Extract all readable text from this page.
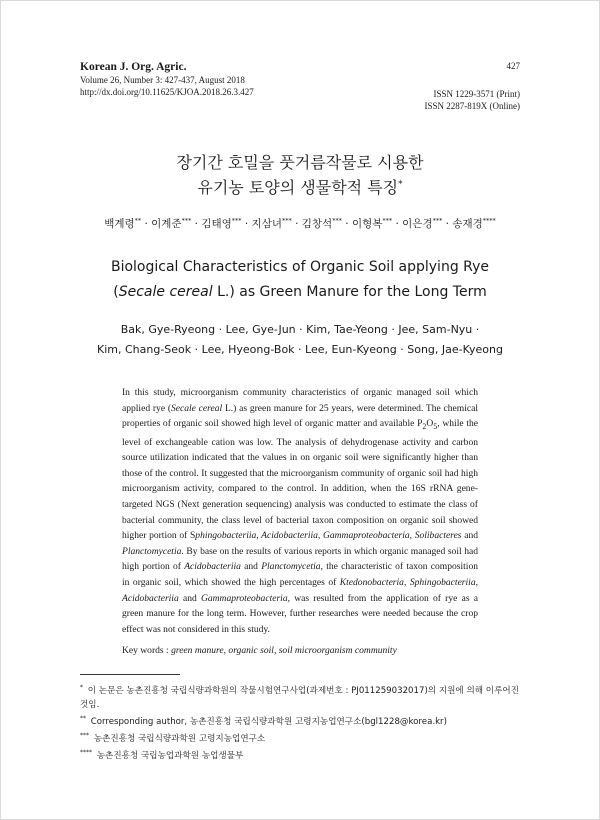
Korean J. Org. Agric.
Volume 26, Number 3: 427-437, August 2018
http://dx.doi.org/10.11625/KJOA.2018.26.3.427
427
ISSN 1229-3571 (Print)
ISSN 2287-819X (Online)
장기간 호밀을 풋거름작물로 시용한
유기농 토양의 생물학적 특징*
백계령** · 이계준*** · 김태영*** · 지삼녀*** · 김창석*** · 이형복*** · 이은경*** · 송재경****
Biological Characteristics of Organic Soil applying Rye
(Secale cereal L.) as Green Manure for the Long Term
Bak, Gye-Ryeong · Lee, Gye-Jun · Kim, Tae-Yeong · Jee, Sam-Nyu ·
Kim, Chang-Seok · Lee, Hyeong-Bok · Lee, Eun-Kyeong · Song, Jae-Kyeong

In this study, microorganism community characteristics of organic managed soil which applied rye (Secale cereal L.) as green manure for 25 years, were determined. The chemical properties of organic soil showed high level of organic matter and available $P_2O_5$, while the level of exchangeable cation was low. The analysis of dehydrogenase activity and carbon source utilization indicated that the values in on organic soil were significantly higher than those of the control. It suggested that the microorganism community of organic soil had high microorganism activity, compared to the control. In addition, when the 16S rRNA gene-targeted NGS (Next generation sequencing) analysis was conducted to estimate the class of bacterial community, the class level of bacterial taxon composition on organic soil showed higher portion of Sphingobacteriia, Acidobacteriia, Gammaproteobacteria, Solibacteres and Planctomycetia. By base on the results of various reports in which organic managed soil had high portion of Acidobacteriia and Planctomycetia, the characteristic of taxon composition in organic soil, which showed the high percentages of Ktedonobacteria, Sphingobacteriia, Acidobacteriia and Gammaproteobacteria, was resulted from the application of rye as a green manure for the long term. However, further researches were needed because the crop effect was not considered in this study.

Key words : green manure, organic soil, soil microorganism community

* 이 논문은 농촌진흥청 국립식량과학원의 작물시험연구사업(과제번호 : PJ011259032017)의 지원에 의해 이루어진 것임.
** Corresponding author, 농촌진흥청 국립식량과학원 고령지농업연구소(bgl1228@korea.kr)
*** 농촌진흥청 국립식량과학원 고령지농업연구소
**** 농촌진흥청 국립농업과학원 농업생물부
